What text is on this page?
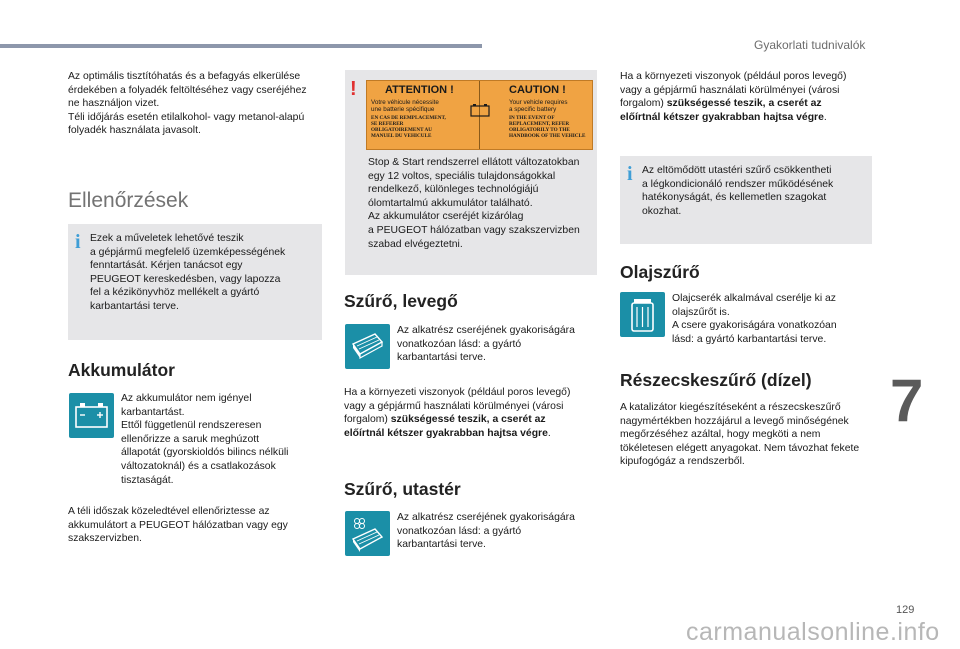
Gyakorlati tudnivalók

Az optimális tisztítóhatás és a befagyás elkerülése

érdekében a folyadék feltöltéséhez vagy cseréjéhez

ne használjon vizet.

Téli időjárás esetén etilalkohol- vagy metanol-alapú

folyadék használata javasolt.

Ellenőrzések
i Ezek a műveletek lehetővé teszik

a gépjármű megfelelő üzemképességének

fenntartását. Kérjen tanácsot egy

PEUGEOT kereskedésben, vagy lapozza

fel a kézikönyvhöz mellékelt a gyártó

karbantartási terve.

Akkumulátor

Az akkumulátor nem igényel

karbantartást.

Ettől függetlenül rendszeresen

ellenőrizze a saruk meghúzott

állapotát (gyorskioldós bilincs nélküli

változatoknál) és a csatlakozások

tisztaságát.

A téli időszak közeledtével ellenőriztesse az

akkumulátort a PEUGEOT hálózatban vagy egy

szakszervizben.

!	ATTENTION !
Votre véhicule nécessite
une batterie spécifique
EN CAS DE REMPLACEMENT,
SE REFERER
OBLIGATOIREMENT AU
MANUEL DU VEHICULE
CAUTION !
Your vehicle requires
a specific battery
IN THE EVENT OF
REPLACEMENT, REFER
OBLIGATORILY TO THE
HANDBOOK OF THE VEHICLE

Stop & Start rendszerrel ellátott változatokban

egy 12 voltos, speciális tulajdonságokkal

rendelkező, különleges technológiájú

ólomtartalmú akkumulátor található.

Az akkumulátor cseréjét kizárólag

a PEUGEOT hálózatban vagy szakszervizben

szabad elvégeztetni.

Szűrő, levegő

Az alkatrész cseréjének gyakoriságára

vonatkozóan lásd: a gyártó

karbantartási terve.

Ha a környezeti viszonyok (például poros levegő)

vagy a gépjármű használati körülményei (városi

forgalom) szükségessé teszik, a cserét az

előírtnál kétszer gyakrabban hajtsa végre.

Szűrő, utastér

Az alkatrész cseréjének gyakoriságára

vonatkozóan lásd: a gyártó

karbantartási terve.

Ha a környezeti viszonyok (például poros levegő)

vagy a gépjármű használati körülményei (városi

forgalom) szükségessé teszik, a cserét az

előírtnál kétszer gyakrabban hajtsa végre.

i Az eltömődött utastéri szűrő csökkentheti

a légkondicionáló rendszer működésének

hatékonyságát, és kellemetlen szagokat

okozhat.

Olajszűrő

Olajcserék alkalmával cserélje ki az

olajszűrőt is.

A csere gyakoriságára vonatkozóan

lásd: a gyártó karbantartási terve.

Részecskeszűrő (dízel)

A katalizátor kiegészítéseként a részecskeszűrő

nagymértékben hozzájárul a levegő minőségének

megőrzéséhez azáltal, hogy megköti a nem

tökéletesen elégett anyagokat. Nem távozhat fekete

kipufogógáz a rendszerből.

7
129
carmanualsonline.info
